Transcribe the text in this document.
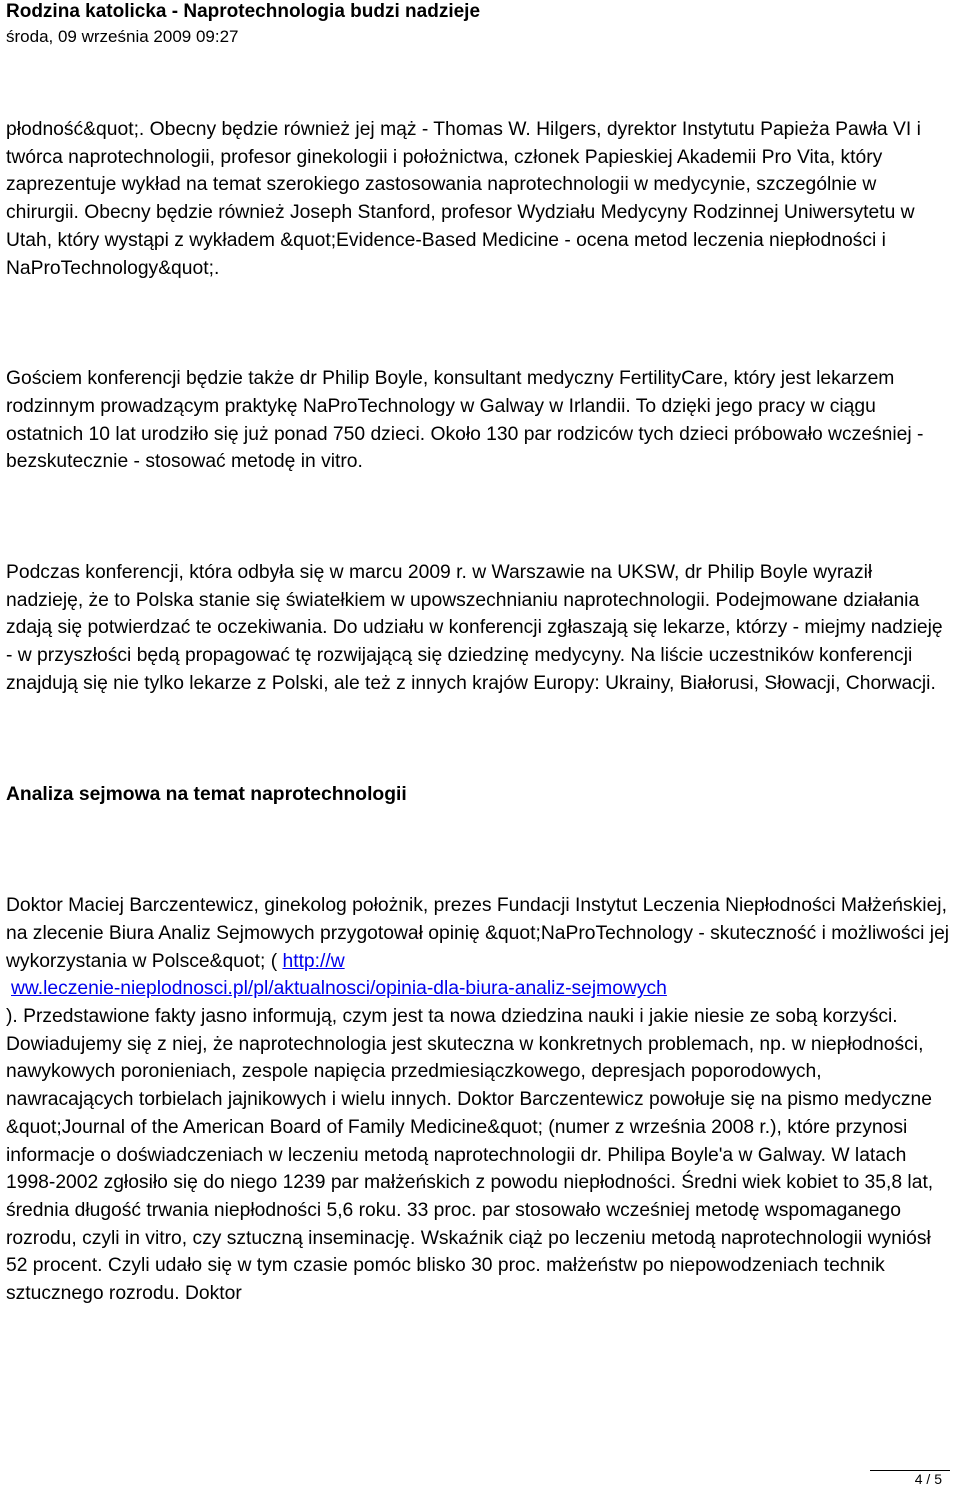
Rodzina katolicka - Naprotechnologia budzi nadzieje
środa, 09 września 2009 09:27

płodność&quot;. Obecny będzie również jej mąż - Thomas W. Hilgers, dyrektor Instytutu Papieża Pawła VI i twórca naprotechnologii, profesor ginekologii i położnictwa, członek Papieskiej Akademii Pro Vita, który zaprezentuje wykład na temat szerokiego zastosowania naprotechnologii w medycynie, szczególnie w chirurgii. Obecny będzie również Joseph Stanford, profesor Wydziału Medycyny Rodzinnej Uniwersytetu w Utah, który wystąpi z wykładem &quot;Evidence-Based Medicine - ocena metod leczenia niepłodności i NaProTechnology&quot;.

Gościem konferencji będzie także dr Philip Boyle, konsultant medyczny FertilityCare, który jest lekarzem rodzinnym prowadzącym praktykę NaProTechnology w Galway w Irlandii. To dzięki jego pracy w ciągu ostatnich 10 lat urodziło się już ponad 750 dzieci. Około 130 par rodziców tych dzieci próbowało wcześniej - bezskutecznie - stosować metodę in vitro.

Podczas konferencji, która odbyła się w marcu 2009 r. w Warszawie na UKSW, dr Philip Boyle wyraził nadzieję, że to Polska stanie się światełkiem w upowszechnianiu naprotechnologii. Podejmowane działania zdają się potwierdzać te oczekiwania. Do udziału w konferencji zgłaszają się lekarze, którzy - miejmy nadzieję - w przyszłości będą propagować tę rozwijającą się dziedzinę medycyny. Na liście uczestników konferencji znajdują się nie tylko lekarze z Polski, ale też z innych krajów Europy: Ukrainy, Białorusi, Słowacji, Chorwacji.

Analiza sejmowa na temat naprotechnologii

Doktor Maciej Barczentewicz, ginekolog położnik, prezes Fundacji Instytut Leczenia Niepłodności Małżeńskiej, na zlecenie Biura Analiz Sejmowych przygotował opinię &quot;NaProTechnology - skuteczność i możliwości jej wykorzystania w Polsce&quot; ( http://w
ww.leczenie-nieplodnosci.pl/pl/aktualnosci/opinia-dla-biura-analiz-sejmowych
). Przedstawione fakty jasno informują, czym jest ta nowa dziedzina nauki i jakie niesie ze sobą korzyści. Dowiadujemy się z niej, że naprotechnologia jest skuteczna w konkretnych problemach, np. w niepłodności, nawykowych poronieniach, zespole napięcia przedmiesiączkowego, depresjach poporodowych, nawracających torbielach jajnikowych i wielu innych. Doktor Barczentewicz powołuje się na pismo medyczne &quot;Journal of the American Board of Family Medicine&quot; (numer z września 2008 r.), które przynosi informacje o doświadczeniach w leczeniu metodą naprotechnologii dr. Philipa Boyle'a w Galway. W latach 1998-2002 zgłosiło się do niego 1239 par małżeńskich z powodu niepłodności. Średni wiek kobiet to 35,8 lat, średnia długość trwania niepłodności 5,6 roku. 33 proc. par stosowało wcześniej metodę wspomaganego rozrodu, czyli in vitro, czy sztuczną inseminację. Wskaźnik ciąż po leczeniu metodą naprotechnologii wyniósł 52 procent. Czyli udało się w tym czasie pomóc blisko 30 proc. małżeństw po niepowodzeniach technik sztucznego rozrodu. Doktor

4 / 5
